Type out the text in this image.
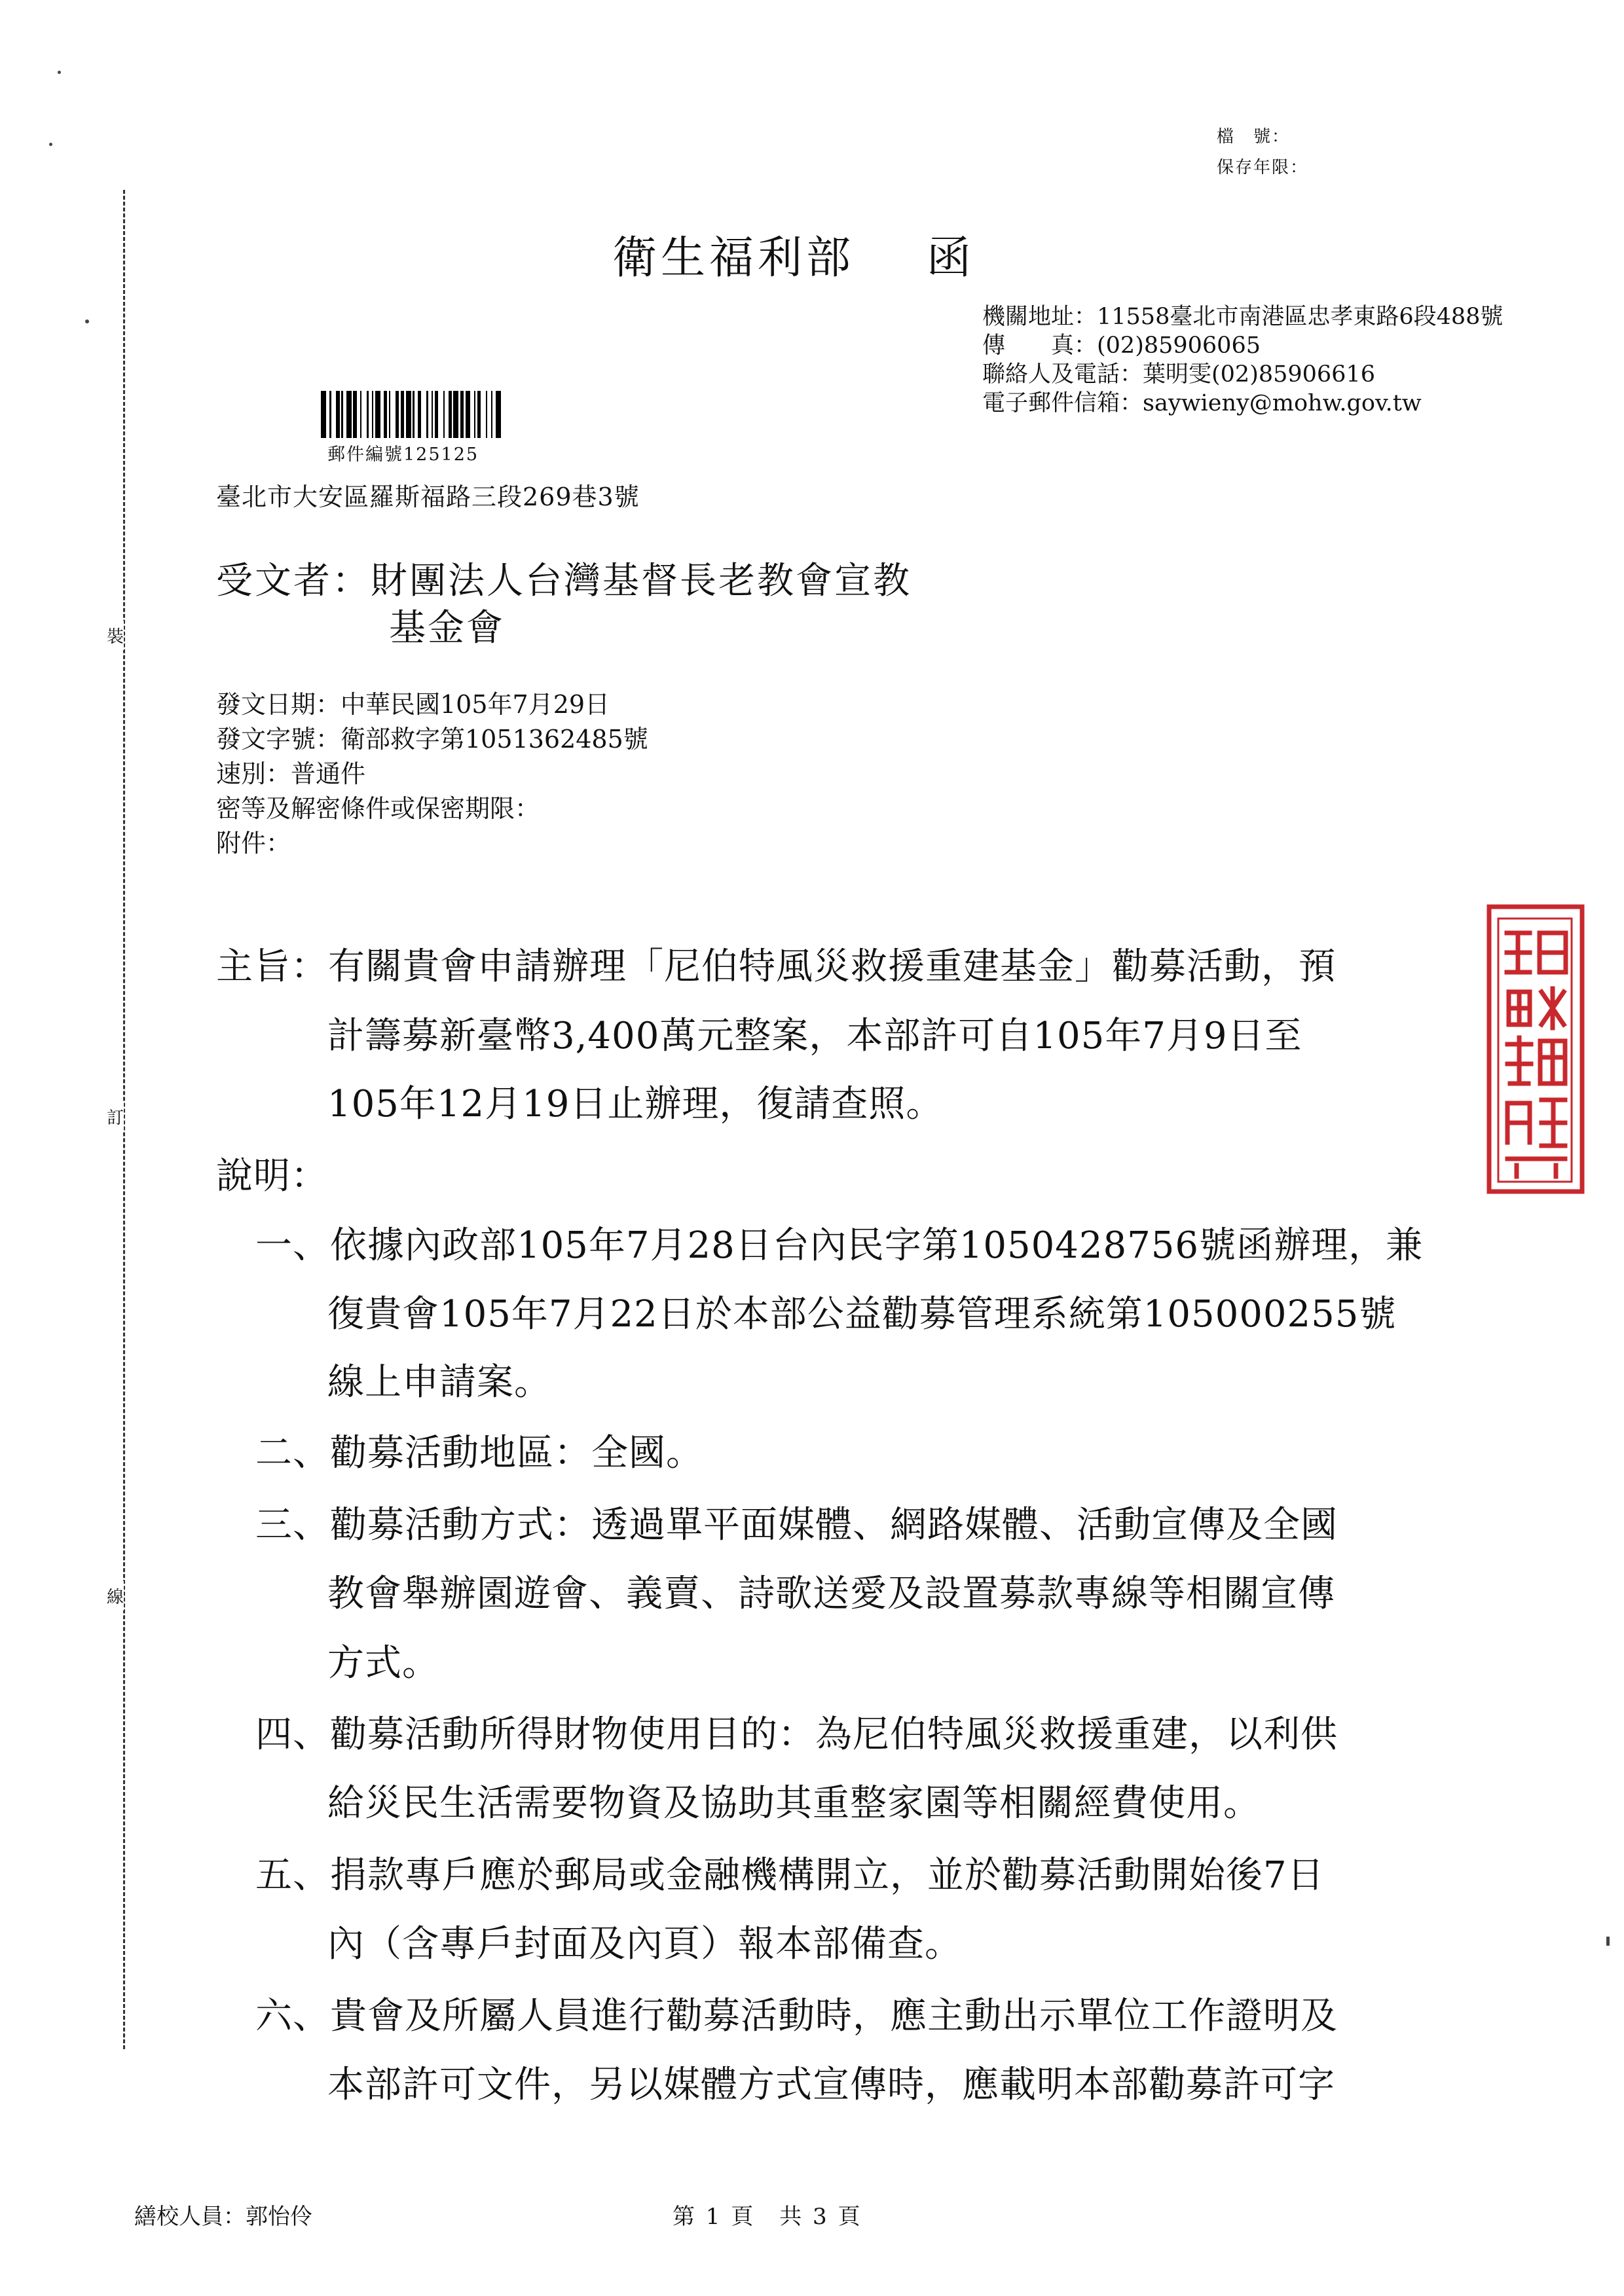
裝
訂
線
檔　號：
保存年限：
衛生福利部 函
機關地址：11558臺北市南港區忠孝東路6段488號
傳　　真：(02)85906065
聯絡人及電話：葉明雯(02)85906616
電子郵件信箱：saywieny@mohw.gov.tw
郵件編號125125
臺北市大安區羅斯福路三段269巷3號
受文者：財團法人台灣基督長老教會宣教
基金會
發文日期：中華民國105年7月29日
發文字號：衛部救字第1051362485號
速別：普通件
密等及解密條件或保密期限：
附件：
主旨：有關貴會申請辦理「尼伯特風災救援重建基金」勸募活動，預
計籌募新臺幣3,400萬元整案，本部許可自105年7月9日至
105年12月19日止辦理，復請查照。
說明：
一、依據內政部105年7月28日台內民字第1050428756號函辦理，兼
復貴會105年7月22日於本部公益勸募管理系統第105000255號
線上申請案。
二、勸募活動地區：全國。
三、勸募活動方式：透過單平面媒體、網路媒體、活動宣傳及全國
教會舉辦園遊會、義賣、詩歌送愛及設置募款專線等相關宣傳
方式。
四、勸募活動所得財物使用目的：為尼伯特風災救援重建，以利供
給災民生活需要物資及協助其重整家園等相關經費使用。
五、捐款專戶應於郵局或金融機構開立，並於勸募活動開始後7日
內（含專戶封面及內頁）報本部備查。
六、貴會及所屬人員進行勸募活動時，應主動出示單位工作證明及
本部許可文件，另以媒體方式宣傳時，應載明本部勸募許可字
繕校人員：郭怡伶	第 1 頁　共 3 頁
